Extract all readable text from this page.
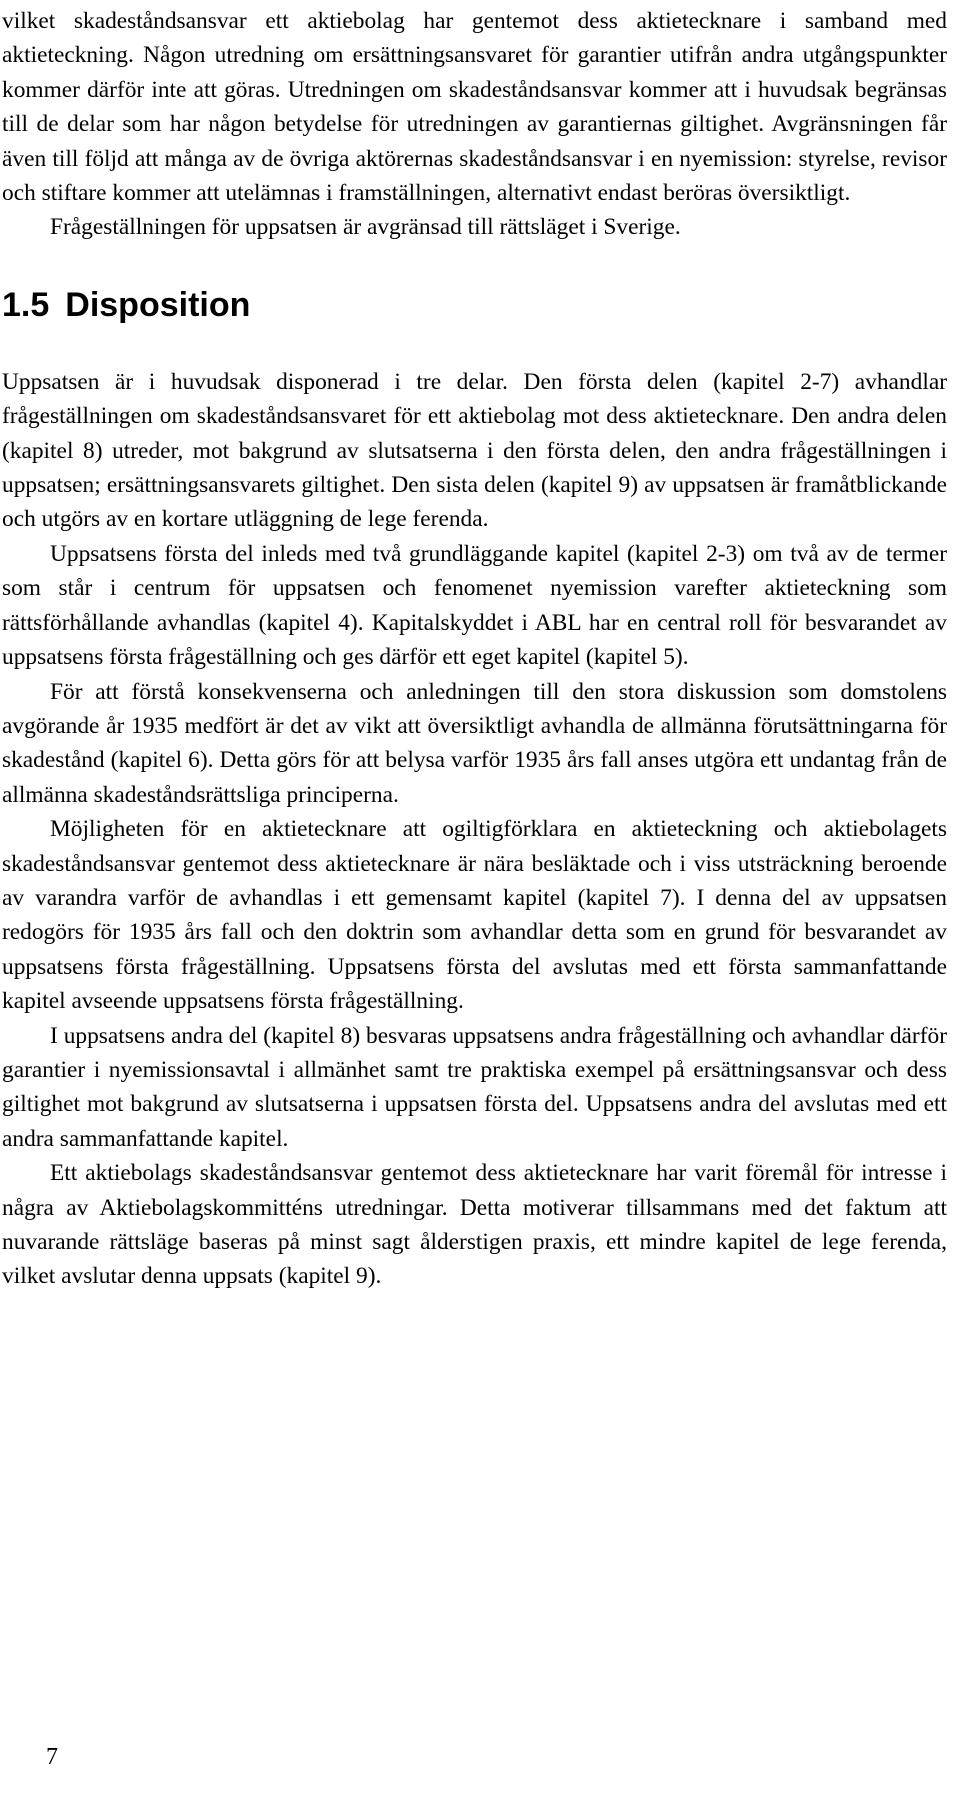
vilket skadeståndsansvar ett aktiebolag har gentemot dess aktietecknare i samband med aktieteckning. Någon utredning om ersättningsansvaret för garantier utifrån andra utgångspunkter kommer därför inte att göras. Utredningen om skadeståndsansvar kommer att i huvudsak begränsas till de delar som har någon betydelse för utredningen av garantiernas giltighet. Avgränsningen får även till följd att många av de övriga aktörernas skadeståndsansvar i en nyemission: styrelse, revisor och stiftare kommer att utelämnas i framställningen, alternativt endast beröras översiktligt.

Frågeställningen för uppsatsen är avgränsad till rättsläget i Sverige.

1.5 Disposition

Uppsatsen är i huvudsak disponerad i tre delar. Den första delen (kapitel 2-7) avhandlar frågeställningen om skadeståndsansvaret för ett aktiebolag mot dess aktietecknare. Den andra delen (kapitel 8) utreder, mot bakgrund av slutsatserna i den första delen, den andra frågeställningen i uppsatsen; ersättningsansvarets giltighet. Den sista delen (kapitel 9) av uppsatsen är framåtblickande och utgörs av en kortare utläggning de lege ferenda.

Uppsatsens första del inleds med två grundläggande kapitel (kapitel 2-3) om två av de termer som står i centrum för uppsatsen och fenomenet nyemission varefter aktieteckning som rättsförhållande avhandlas (kapitel 4). Kapitalskyddet i ABL har en central roll för besvarandet av uppsatsens första frågeställning och ges därför ett eget kapitel (kapitel 5).

För att förstå konsekvenserna och anledningen till den stora diskussion som domstolens avgörande år 1935 medfört är det av vikt att översiktligt avhandla de allmänna förutsättningarna för skadestånd (kapitel 6). Detta görs för att belysa varför 1935 års fall anses utgöra ett undantag från de allmänna skadeståndsrättsliga principerna.

Möjligheten för en aktietecknare att ogiltigförklara en aktieteckning och aktiebolagets skadeståndsansvar gentemot dess aktietecknare är nära besläktade och i viss utsträckning beroende av varandra varför de avhandlas i ett gemensamt kapitel (kapitel 7). I denna del av uppsatsen redogörs för 1935 års fall och den doktrin som avhandlar detta som en grund för besvarandet av uppsatsens första frågeställning. Uppsatsens första del avslutas med ett första sammanfattande kapitel avseende uppsatsens första frågeställning.

I uppsatsens andra del (kapitel 8) besvaras uppsatsens andra frågeställning och avhandlar därför garantier i nyemissionsavtal i allmänhet samt tre praktiska exempel på ersättningsansvar och dess giltighet mot bakgrund av slutsatserna i uppsatsen första del. Uppsatsens andra del avslutas med ett andra sammanfattande kapitel.

Ett aktiebolags skadeståndsansvar gentemot dess aktietecknare har varit föremål för intresse i några av Aktiebolagskommitténs utredningar. Detta motiverar tillsammans med det faktum att nuvarande rättsläge baseras på minst sagt ålderstigen praxis, ett mindre kapitel de lege ferenda, vilket avslutar denna uppsats (kapitel 9).

7
